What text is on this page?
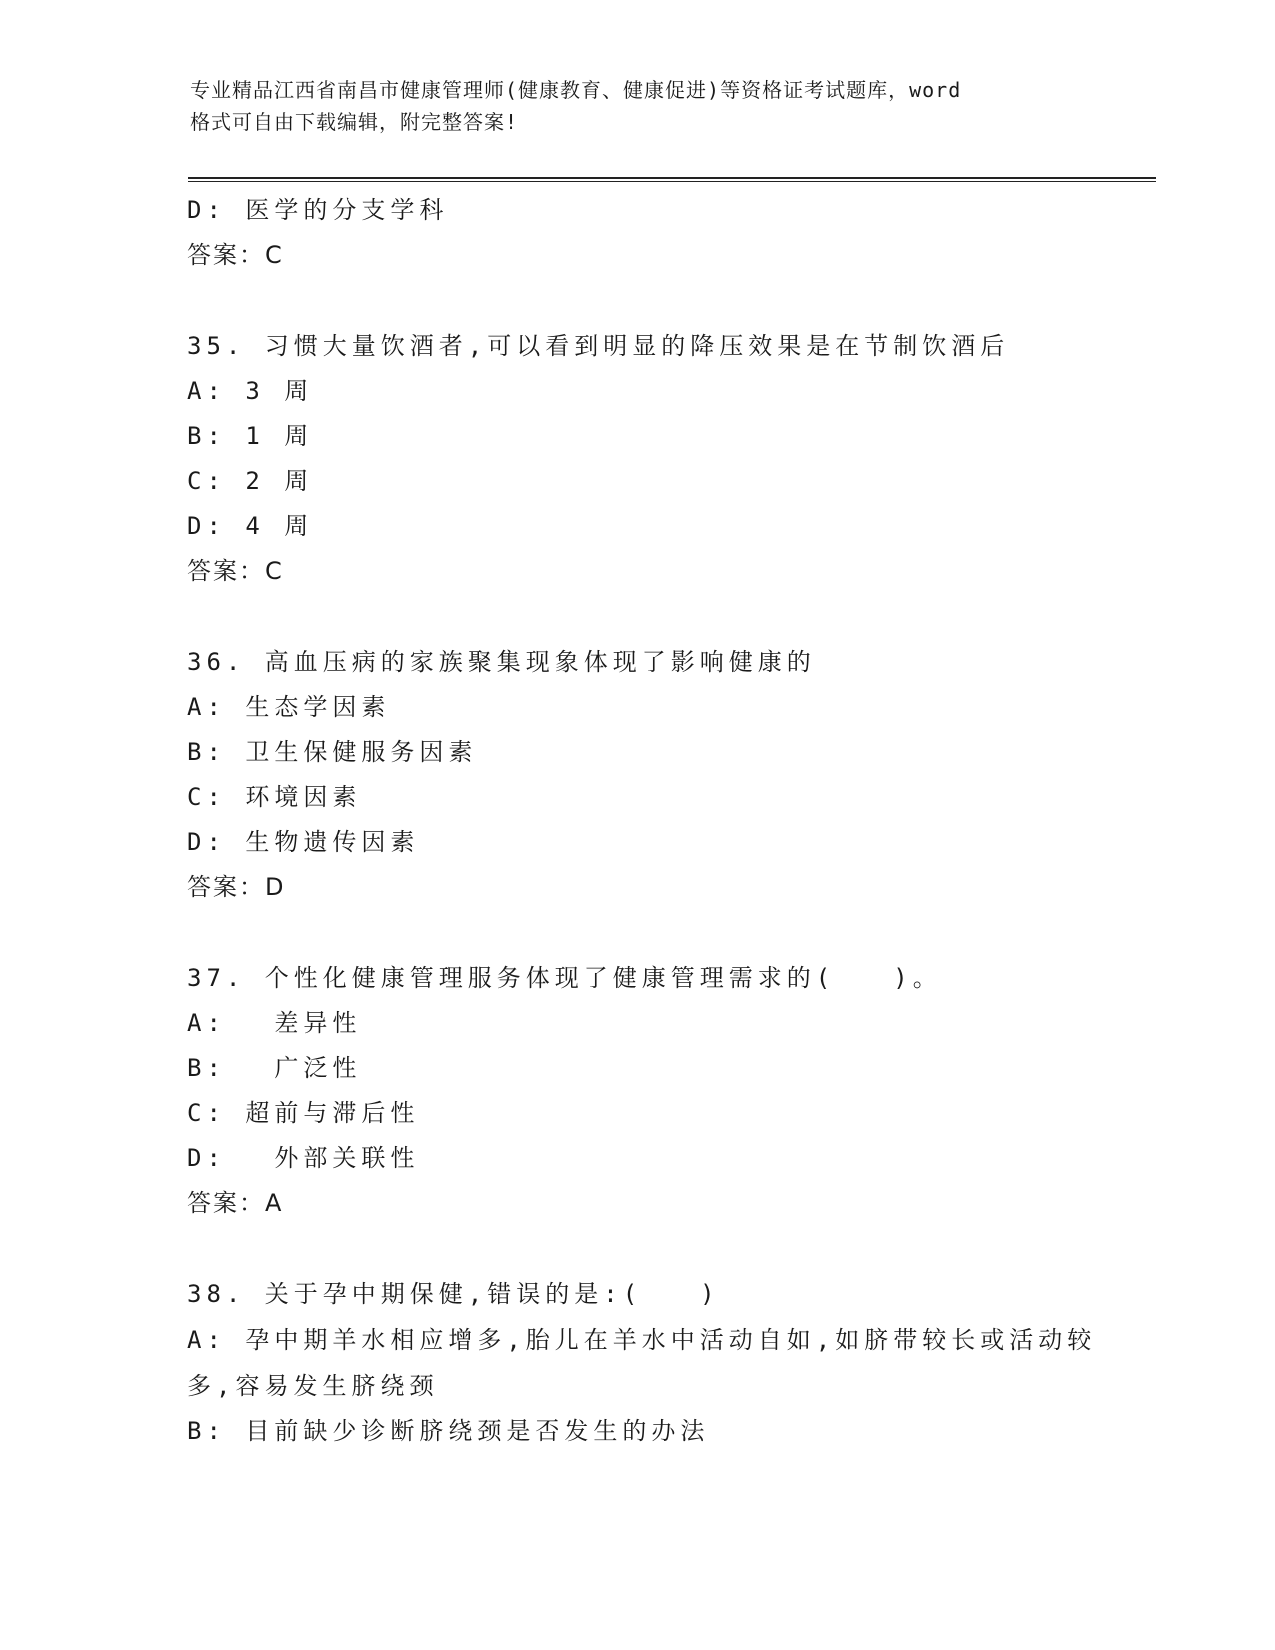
专业精品江西省南昌市健康管理师(健康教育、健康促进)等资格证考试题库，word
格式可自由下载编辑，附完整答案!
D: 医学的分支学科
答案：C
35. 习惯大量饮酒者,可以看到明显的降压效果是在节制饮酒后
A: 3 周
B: 1 周
C: 2 周
D: 4 周
答案：C
36. 高血压病的家族聚集现象体现了影响健康的
A: 生态学因素
B: 卫生保健服务因素
C: 环境因素
D: 生物遗传因素
答案：D
37. 个性化健康管理服务体现了健康管理需求的(　　)。
A: 　差异性
B: 　广泛性
C: 超前与滞后性
D: 　外部关联性
答案：A
38. 关于孕中期保健,错误的是:(　　)
A: 孕中期羊水相应增多,胎儿在羊水中活动自如,如脐带较长或活动较多,容易发生脐绕颈
B: 目前缺少诊断脐绕颈是否发生的办法
